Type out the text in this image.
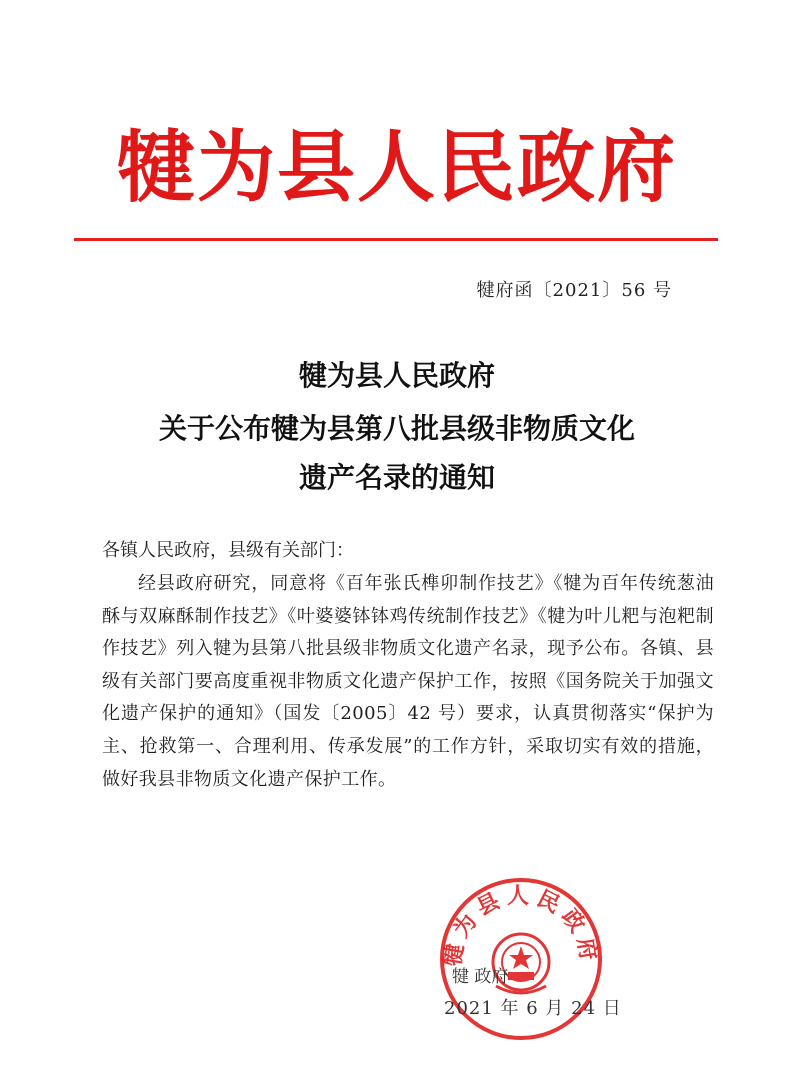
犍为县人民政府
犍府函〔2021〕56 号
犍为县人民政府
关于公布犍为县第八批县级非物质文化
遗产名录的通知
各镇人民政府，县级有关部门：
经县政府研究，同意将《百年张氏榫卯制作技艺》《犍为百年传统葱油酥与双麻酥制作技艺》《叶婆婆钵钵鸡传统制作技艺》《犍为叶儿粑与泡粑制作技艺》列入犍为县第八批县级非物质文化遗产名录，现予公布。各镇、县级有关部门要高度重视非物质文化遗产保护工作，按照《国务院关于加强文化遗产保护的通知》（国发〔2005〕42 号）要求，认真贯彻落实“保护为主、抢救第一、合理利用、传承发展”的工作方针，采取切实有效的措施，做好我县非物质文化遗产保护工作。
犍为县人民政府
犍 政府
2021 年 6 月 24 日
